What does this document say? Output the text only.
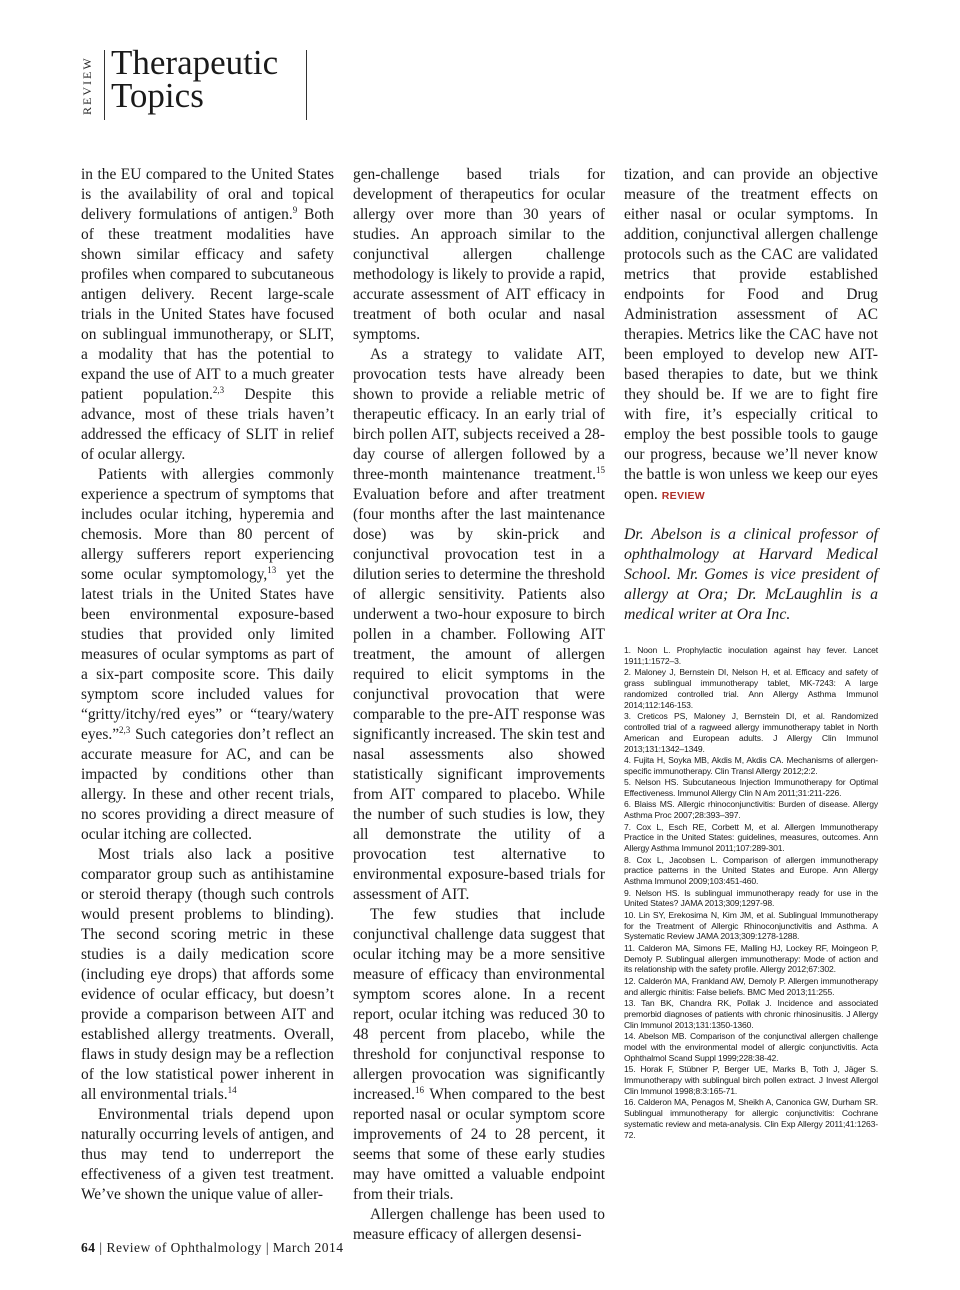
REVIEW Therapeutic
Topics

in the EU compared to the United States is the availability of oral and topical delivery formulations of antigen.$^9$ Both of these treatment modalities have shown similar efficacy and safety profiles when compared to subcutaneous antigen delivery. Recent large-scale trials in the United States have focused on sublingual immunotherapy, or SLIT, a modality that has the potential to expand the use of AIT to a much greater patient population.$^{2,3}$ Despite this advance, most of these trials haven’t addressed the efficacy of SLIT in relief of ocular allergy.

Patients with allergies commonly experience a spectrum of symptoms that includes ocular itching, hyperemia and chemosis. More than 80 percent of allergy sufferers report experiencing some ocular symptomology,$^{13}$ yet the latest trials in the United States have been environmental exposure-based studies that provided only limited measures of ocular symptoms as part of a six-part composite score. This daily symptom score included values for “gritty/itchy/red eyes” or “teary/watery eyes.”$^{2,3}$ Such categories don’t reflect an accurate measure for AC, and can be impacted by conditions other than allergy. In these and other recent trials, no scores providing a direct measure of ocular itching are collected.

Most trials also lack a positive comparator group such as antihistamine or steroid therapy (though such controls would present problems to blinding). The second scoring metric in these studies is a daily medication score (including eye drops) that affords some evidence of ocular efficacy, but doesn’t provide a comparison between AIT and established allergy treatments. Overall, flaws in study design may be a reflection of the low statistical power inherent in all environmental trials.$^{14}$

Environmental trials depend upon naturally occurring levels of antigen, and thus may tend to underreport the effectiveness of a given test treatment. We’ve shown the unique value of aller-

gen-challenge based trials for development of therapeutics for ocular allergy over more than 30 years of studies. An approach similar to the conjunctival allergen challenge methodology is likely to provide a rapid, accurate assessment of AIT efficacy in treatment of both ocular and nasal symptoms.

As a strategy to validate AIT, provocation tests have already been shown to provide a reliable metric of therapeutic efficacy. In an early trial of birch pollen AIT, subjects received a 28-day course of allergen followed by a three-month maintenance treatment.$^{15}$ Evaluation before and after treatment (four months after the last maintenance dose) was by skin-prick and conjunctival provocation test in a dilution series to determine the threshold of allergic sensitivity. Patients also underwent a two-hour exposure to birch pollen in a chamber. Following AIT treatment, the amount of allergen required to elicit symptoms in the conjunctival provocation that were comparable to the pre-AIT response was significantly increased. The skin test and nasal assessments also showed statistically significant improvements from AIT compared to placebo. While the number of such studies is low, they all demonstrate the utility of a provocation test alternative to environmental exposure-based trials for assessment of AIT.

The few studies that include conjunctival challenge data suggest that ocular itching may be a more sensitive measure of efficacy than environmental symptom scores alone. In a recent report, ocular itching was reduced 30 to 48 percent from placebo, while the threshold for conjunctival response to allergen provocation was significantly increased.$^{16}$ When compared to the best reported nasal or ocular symptom score improvements of 24 to 28 percent, it seems that some of these early studies may have omitted a valuable endpoint from their trials.

Allergen challenge has been used to measure efficacy of allergen desensi-

tization, and can provide an objective measure of the treatment effects on either nasal or ocular symptoms. In addition, conjunctival allergen challenge protocols such as the CAC are validated metrics that provide established endpoints for Food and Drug Administration assessment of AC therapies. Metrics like the CAC have not been employed to develop new AIT-based therapies to date, but we think they should be. If we are to fight fire with fire, it’s especially critical to employ the best possible tools to gauge our progress, because we’ll never know the battle is won unless we keep our eyes open. REVIEW

Dr. Abelson is a clinical professor of ophthalmology at Harvard Medical School. Mr. Gomes is vice president of allergy at Ora; Dr. McLaughlin is a medical writer at Ora Inc.
1. Noon L. Prophylactic inoculation against hay fever. Lancet 1911;1:1572–3.
2. Maloney J, Bernstein DI, Nelson H, et al. Efficacy and safety of grass sublingual immunotherapy tablet, MK-7243: A large randomized controlled trial. Ann Allergy Asthma Immunol 2014;112:146-153.
3. Creticos PS, Maloney J, Bernstein DI, et al. Randomized controlled trial of a ragweed allergy immunotherapy tablet in North American and European adults. J Allergy Clin Immunol 2013;131:1342–1349.
4. Fujita H, Soyka MB, Akdis M, Akdis CA. Mechanisms of allergen-specific immunotherapy. Clin Transl Allergy 2012;2:2.
5. Nelson HS. Subcutaneous Injection Immunotherapy for Optimal Effectiveness. Immunol Allergy Clin N Am 2011;31:211-226.
6. Blaiss MS. Allergic rhinoconjunctivitis: Burden of disease. Allergy Asthma Proc 2007;28:393–397.
7. Cox L, Esch RE, Corbett M, et al. Allergen Immunotherapy Practice in the United States: guidelines, measures, outcomes. Ann Allergy Asthma Immunol 2011;107:289-301.
8. Cox L, Jacobsen L. Comparison of allergen immunotherapy practice patterns in the United States and Europe. Ann Allergy Asthma Immunol 2009;103:451-460.
9. Nelson HS. Is sublingual immunotherapy ready for use in the United States? JAMA 2013;309;1297-98.
10. Lin SY, Erekosima N, Kim JM, et al. Sublingual Immunotherapy for the Treatment of Allergic Rhinoconjunctivitis and Asthma. A Systematic Review JAMA 2013;309:1278-1288.
11. Calderon MA, Simons FE, Malling HJ, Lockey RF, Moingeon P, Demoly P. Sublingual allergen immunotherapy: Mode of action and its relationship with the safety profile. Allergy 2012;67:302.
12. Calderón MA, Frankland AW, Demoly P. Allergen immunotherapy and allergic rhinitis: False beliefs. BMC Med 2013;11:255.
13. Tan BK, Chandra RK, Pollak J. Incidence and associated premorbid diagnoses of patients with chronic rhinosinusitis. J Allergy Clin Immunol 2013;131:1350-1360.
14. Abelson MB. Comparison of the conjunctival allergen challenge model with the environmental model of allergic conjunctivitis. Acta Ophthalmol Scand Suppl 1999;228:38-42.
15. Horak F, Stübner P, Berger UE, Marks B, Toth J, Jäger S. Immunotherapy with sublingual birch pollen extract. J Invest Allergol Clin Immunol 1998;8:3:165-71.
16. Calderon MA, Penagos M, Sheikh A, Canonica GW, Durham SR. Sublingual immunotherapy for allergic conjunctivitis: Cochrane systematic review and meta-analysis. Clin Exp Allergy 2011;41:1263-72.
64 | Review of Ophthalmology | March 2014
